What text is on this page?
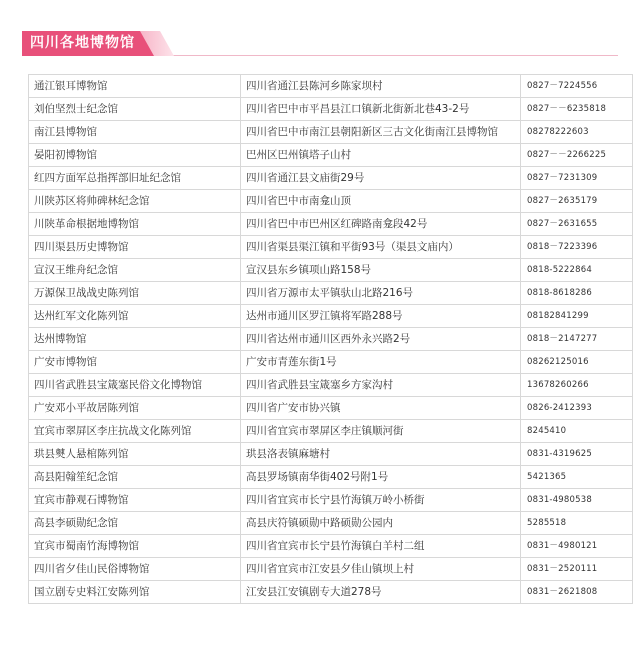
四川各地博物馆
通江银耳博物馆	四川省通江县陈河乡陈家坝村	0827－7224556
刘伯坚烈士纪念馆	四川省巴中市平昌县江口镇新北街新北巷43-2号	0827－－6235818
南江县博物馆	四川省巴中市南江县朝阳新区三古文化街南江县博物馆	08278222603
晏阳初博物馆	巴州区巴州镇塔子山村	0827－－2266225
红四方面军总指挥部旧址纪念馆	四川省通江县文庙街29号	0827－7231309
川陕苏区将帅碑林纪念馆	四川省巴中市南龛山顶	0827－2635179
川陕革命根据地博物馆	四川省巴中市巴州区红碑路南龛段42号	0827－2631655
四川渠县历史博物馆	四川省渠县渠江镇和平街93号（渠县文庙内）	0818－7223396
宣汉王维舟纪念馆	宣汉县东乡镇项山路158号	0818-5222864
万源保卫战战史陈列馆	四川省万源市太平镇驮山北路216号	0818-8618286
达州红军文化陈列馆	达州市通川区罗江镇将军路288号	08182841299
达州博物馆	四川省达州市通川区西外永兴路2号	0818－2147277
广安市博物馆	广安市青莲东街1号	08262125016
四川省武胜县宝箴塞民俗文化博物馆	四川省武胜县宝箴塞乡方家沟村	13678260266
广安邓小平故居陈列馆	四川省广安市协兴镇	0826-2412393
宜宾市翠屏区李庄抗战文化陈列馆	四川省宜宾市翠屏区李庄镇顺河街	8245410
珙县僰人悬棺陈列馆	珙县洛表镇麻塘村	0831-4319625
高县阳翰笙纪念馆	高县罗场镇南华街402号附1号	5421365
宜宾市静观石博物馆	四川省宜宾市长宁县竹海镇万岭小桥街	0831-4980538
高县李硕勋纪念馆	高县庆符镇硕勋中路硕勋公园内	5285518
宜宾市蜀南竹海博物馆	四川省宜宾市长宁县竹海镇白羊村二组	0831－4980121
四川省夕佳山民俗博物馆	四川省宜宾市江安县夕佳山镇坝上村	0831－2520111
国立剧专史料江安陈列馆	江安县江安镇剧专大道278号	0831－2621808
